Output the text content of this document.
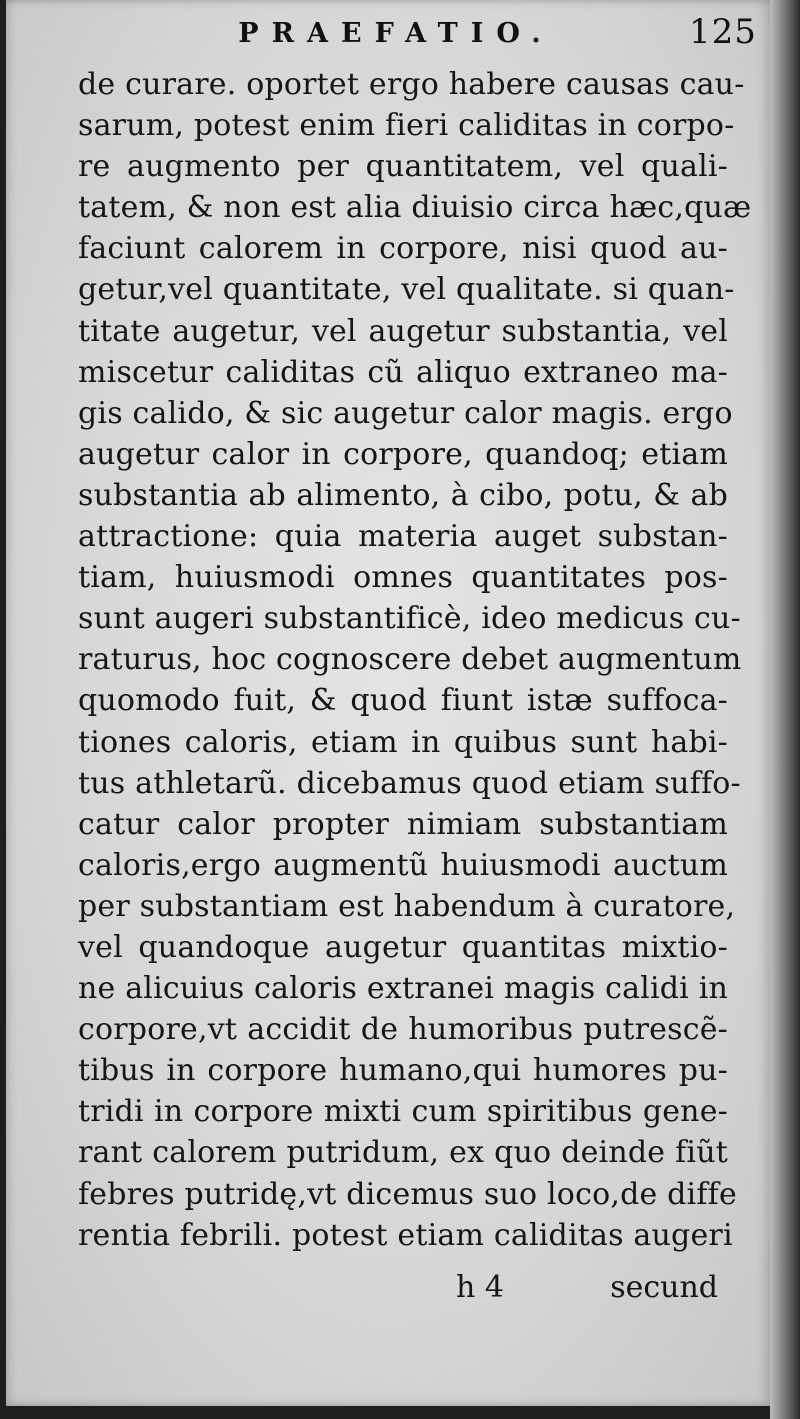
PRAEFATIO.	125
de curare. oportet ergo habere causas cau-
sarum, potest enim fieri caliditas in corpo-
re augmento per quantitatem, vel quali-
tatem, & non est alia diuisio circa hæc,quæ
faciunt calorem in corpore, nisi quod au-
getur,vel quantitate, vel qualitate. si quan-
titate augetur, vel augetur substantia, vel
miscetur caliditas cũ aliquo extraneo ma-
gis calido, & sic augetur calor magis. ergo
augetur calor in corpore, quandoq; etiam
substantia ab alimento, à cibo, potu, & ab
attractione: quia materia auget substan-
tiam, huiusmodi omnes quantitates pos-
sunt augeri substantificè, ideo medicus cu-
raturus, hoc cognoscere debet augmentum
quomodo fuit, & quod fiunt istæ suffoca-
tiones caloris, etiam in quibus sunt habi-
tus athletarũ. dicebamus quod etiam suffo-
catur calor propter nimiam substantiam
caloris,ergo augmentũ huiusmodi auctum
per substantiam est habendum à curatore,
vel quandoque augetur quantitas mixtio-
ne alicuius caloris extranei magis calidi in
corpore,vt accidit de humoribus putrescẽ-
tibus in corpore humano,qui humores pu-
tridi in corpore mixti cum spiritibus gene-
rant calorem putridum, ex quo deinde fiũt
febres putridę,vt dicemus suo loco,de diffe
rentia febrili. potest etiam caliditas augeri
h 4	secund
